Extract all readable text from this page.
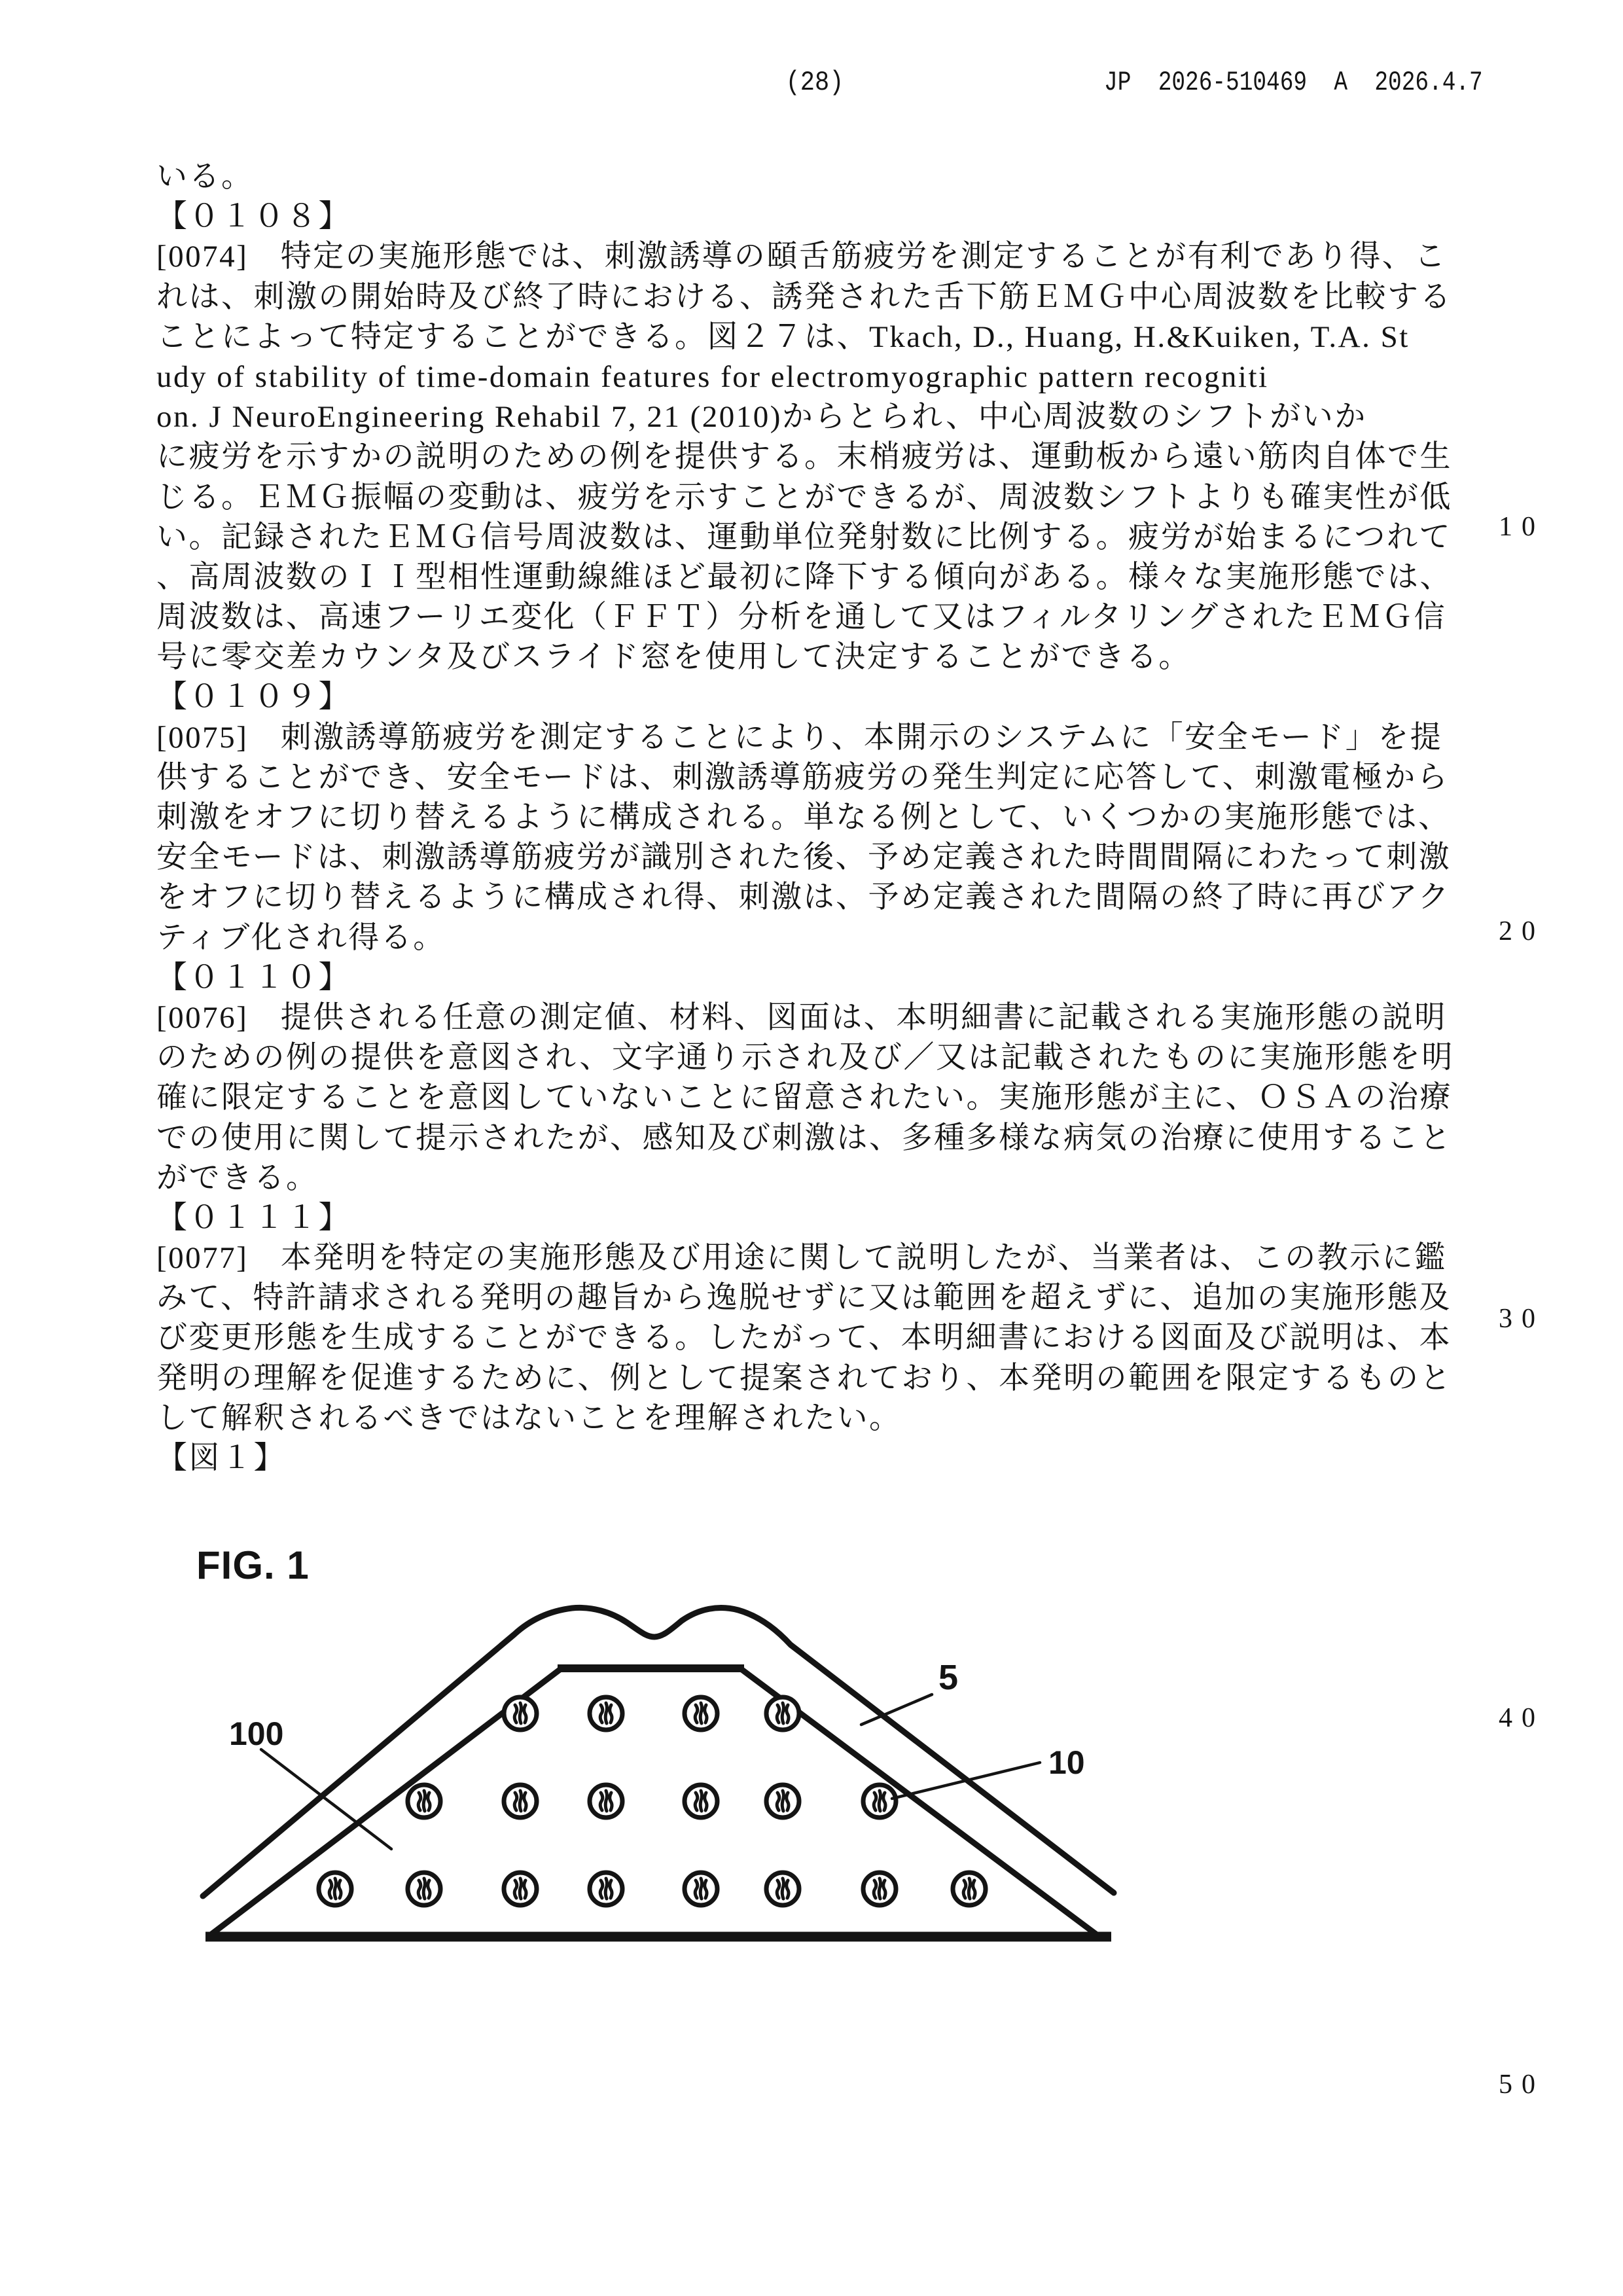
(28)	JP  2026-510469  A  2026.4.7
いる。
【０１０８】
[0074]　特定の実施形態では、刺激誘導の頤舌筋疲労を測定することが有利であり得、こ
れは、刺激の開始時及び終了時における、誘発された舌下筋ＥＭＧ中心周波数を比較する
ことによって特定することができる。図２７は、Tkach, D., Huang, H.&Kuiken, T.A. St
udy of stability of time-domain features for electromyographic pattern recogniti
on. J NeuroEngineering Rehabil 7, 21 (2010)からとられ、中心周波数のシフトがいか
に疲労を示すかの説明のための例を提供する。末梢疲労は、運動板から遠い筋肉自体で生
じる。ＥＭＧ振幅の変動は、疲労を示すことができるが、周波数シフトよりも確実性が低
い。記録されたＥＭＧ信号周波数は、運動単位発射数に比例する。疲労が始まるにつれて
、高周波数のＩＩ型相性運動線維ほど最初に降下する傾向がある。様々な実施形態では、
周波数は、高速フーリエ変化（ＦＦＴ）分析を通して又はフィルタリングされたＥＭＧ信
号に零交差カウンタ及びスライド窓を使用して決定することができる。
【０１０９】
[0075]　刺激誘導筋疲労を測定することにより、本開示のシステムに「安全モード」を提
供することができ、安全モードは、刺激誘導筋疲労の発生判定に応答して、刺激電極から
刺激をオフに切り替えるように構成される。単なる例として、いくつかの実施形態では、
安全モードは、刺激誘導筋疲労が識別された後、予め定義された時間間隔にわたって刺激
をオフに切り替えるように構成され得、刺激は、予め定義された間隔の終了時に再びアク
ティブ化され得る。
【０１１０】
[0076]　提供される任意の測定値、材料、図面は、本明細書に記載される実施形態の説明
のための例の提供を意図され、文字通り示され及び／又は記載されたものに実施形態を明
確に限定することを意図していないことに留意されたい。実施形態が主に、ＯＳＡの治療
での使用に関して提示されたが、感知及び刺激は、多種多様な病気の治療に使用すること
ができる。
【０１１１】
[0077]　本発明を特定の実施形態及び用途に関して説明したが、当業者は、この教示に鑑
みて、特許請求される発明の趣旨から逸脱せずに又は範囲を超えずに、追加の実施形態及
び変更形態を生成することができる。したがって、本明細書における図面及び説明は、本
発明の理解を促進するために、例として提案されており、本発明の範囲を限定するものと
して解釈されるべきではないことを理解されたい。
【図１】
10
20
30
40
50
FIG. 1
5
10
100
